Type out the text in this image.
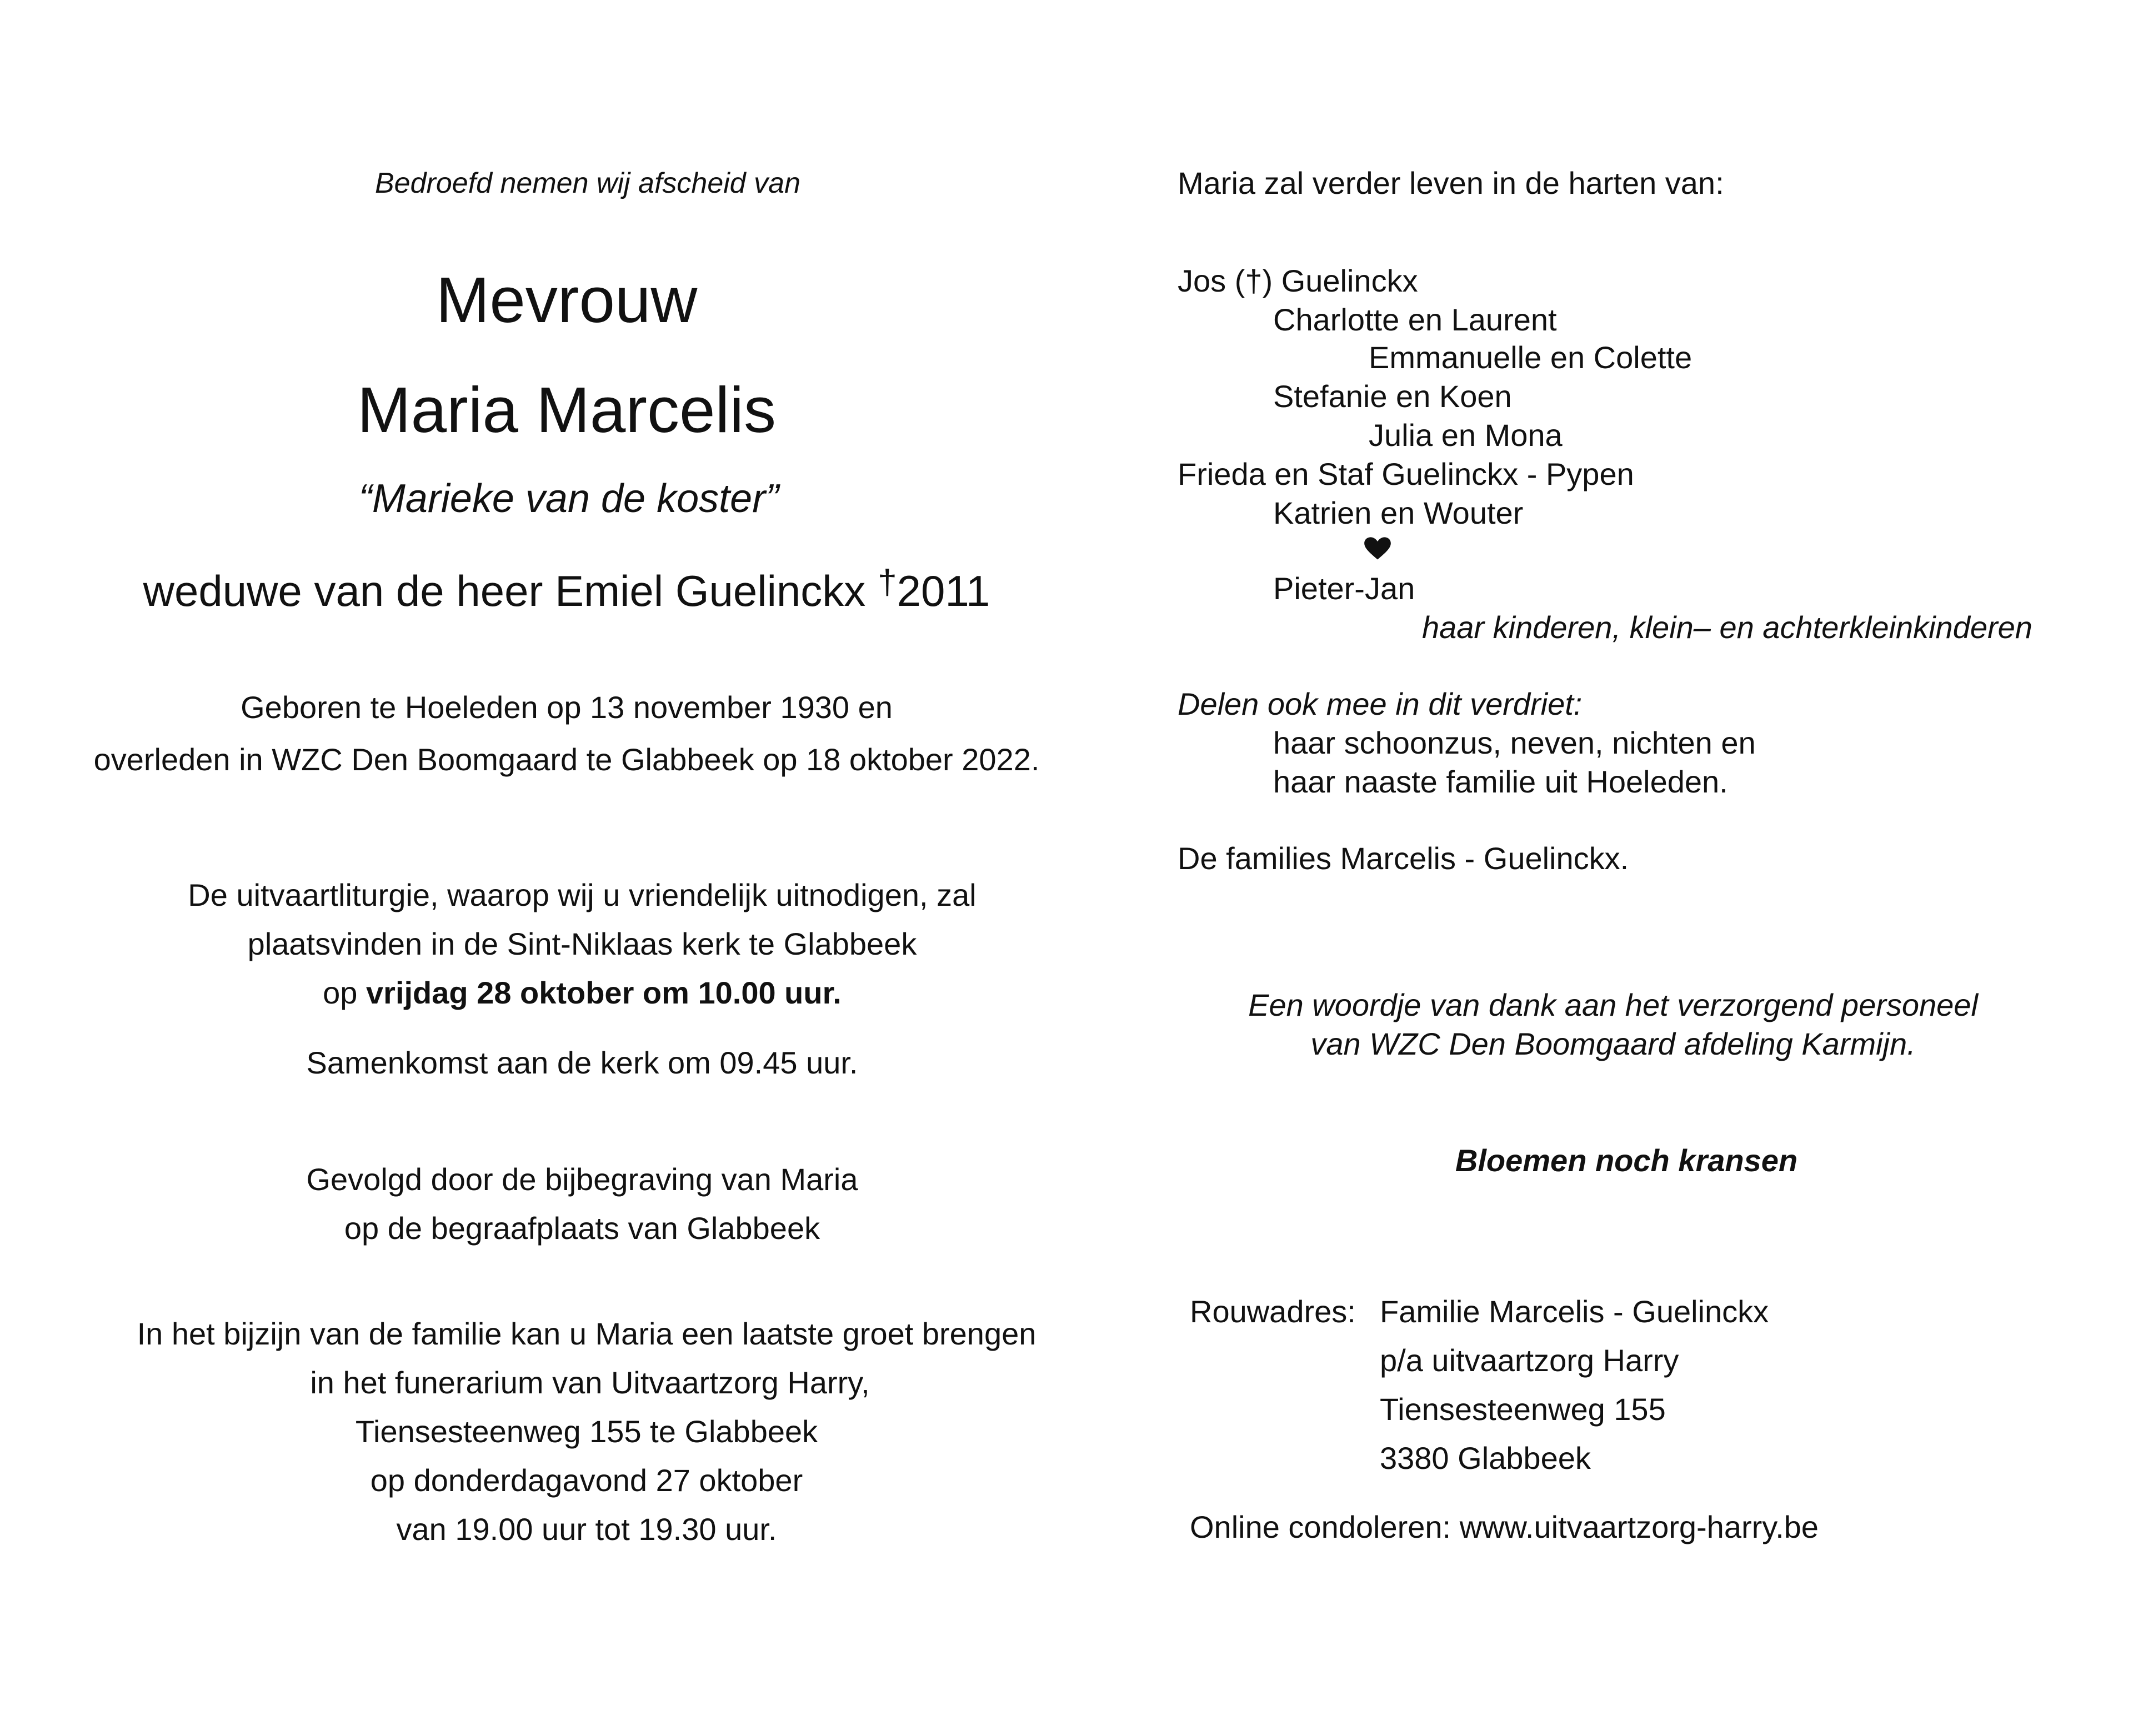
Bedroefd nemen wij afscheid van
Mevrouw
Maria Marcelis
“Marieke van de koster”
weduwe van de heer Emiel Guelinckx †2011
Geboren te Hoeleden op 13 november 1930 en
overleden in WZC Den Boomgaard te Glabbeek op 18 oktober 2022.
De uitvaartliturgie, waarop wij u vriendelijk uitnodigen, zal
plaatsvinden in de Sint-Niklaas kerk te Glabbeek
op vrijdag 28 oktober om 10.00 uur.
Samenkomst aan de kerk om 09.45 uur.
Gevolgd door de bijbegraving van Maria
op de begraafplaats van Glabbeek
In het bijzijn van de familie kan u Maria een laatste groet brengen
in het funerarium van Uitvaartzorg Harry,
Tiensesteenweg 155 te Glabbeek
op donderdagavond 27 oktober
van 19.00 uur tot 19.30 uur.
Maria zal verder leven in de harten van:
Jos (†) Guelinckx
Charlotte en Laurent
Emmanuelle en Colette
Stefanie en Koen
Julia en Mona
Frieda en Staf Guelinckx - Pypen
Katrien en Wouter
Pieter-Jan
haar kinderen, klein– en achterkleinkinderen
Delen ook mee in dit verdriet:
haar schoonzus, neven, nichten en
haar naaste familie uit Hoeleden.
De families Marcelis - Guelinckx.
Een woordje van dank aan het verzorgend personeel
van WZC Den Boomgaard afdeling Karmijn.
Bloemen noch kransen
Rouwadres: Familie Marcelis - Guelinckx
p/a uitvaartzorg Harry
Tiensesteenweg 155
3380 Glabbeek
Online condoleren: www.uitvaartzorg-harry.be
